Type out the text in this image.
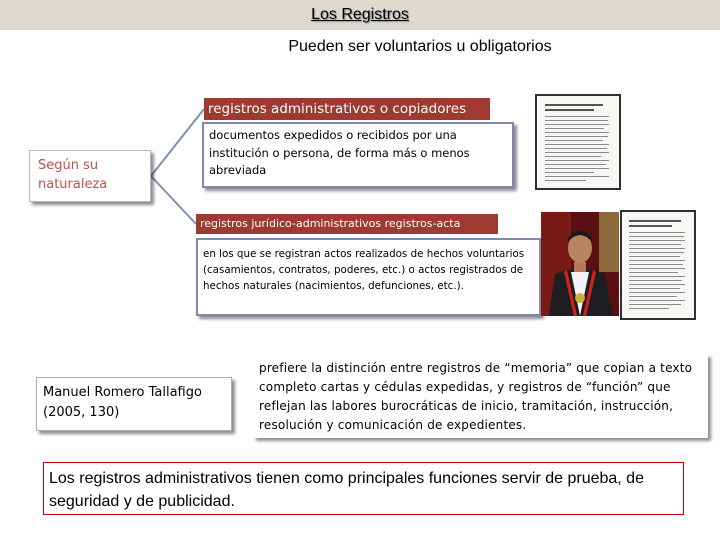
Los Registros
Pueden ser voluntarios u obligatorios
Según su naturaleza
registros administrativos o copiadores
documentos expedidos o recibidos por una institución o persona, de forma más o menos abreviada
registros jurídico-administrativos registros-acta
en los que se registran actos realizados de hechos voluntarios (casamientos, contratos, poderes, etc.) o actos registrados de hechos naturales (nacimientos, defunciones, etc.).
Manuel Romero Tallafigo (2005, 130)
prefiere la distinción entre registros de “memoria” que copian a texto completo cartas y cédulas expedidas, y registros de “función” que reflejan las labores burocráticas de inicio, tramitación, instrucción, resolución y comunicación de expedientes.
Los registros administrativos tienen como principales funciones servir de prueba, de seguridad y de publicidad.
